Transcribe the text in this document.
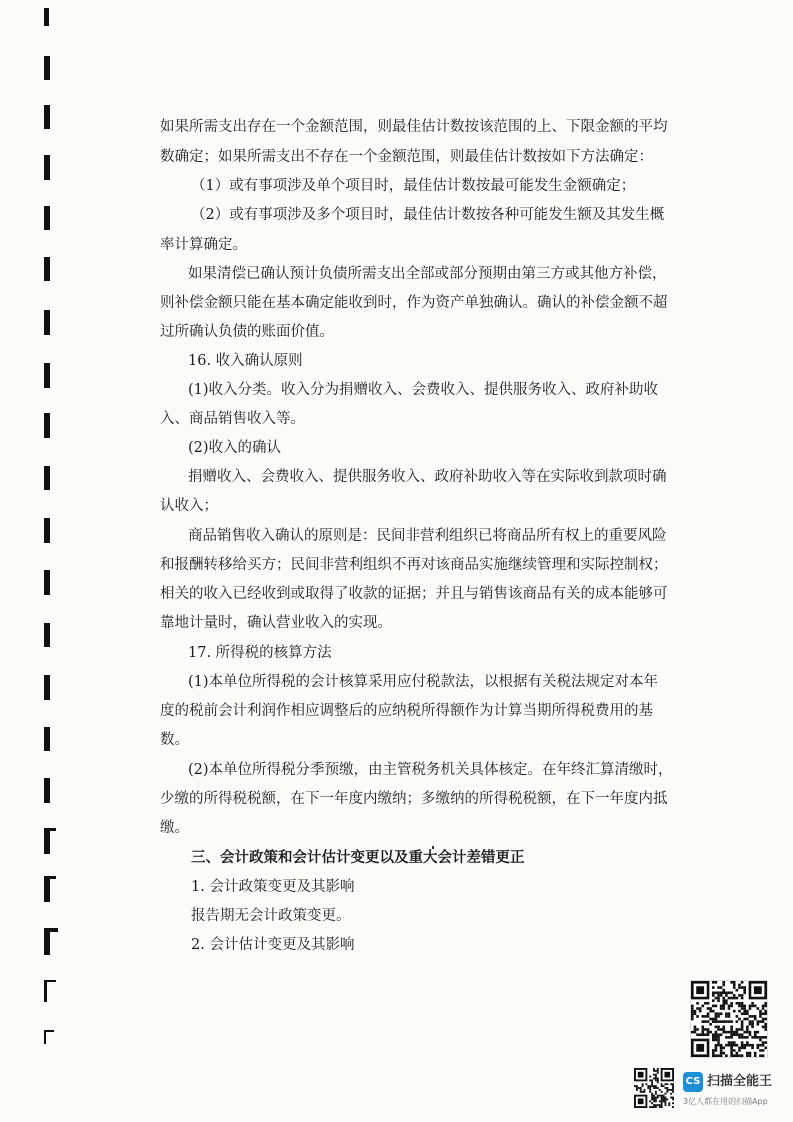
如果所需支出存在一个金额范围，则最佳估计数按该范围的上、下限金额的平均
数确定；如果所需支出不存在一个金额范围，则最佳估计数按如下方法确定：
（1）或有事项涉及单个项目时，最佳估计数按最可能发生金额确定；
（2）或有事项涉及多个项目时，最佳估计数按各种可能发生额及其发生概
率计算确定。
如果清偿已确认预计负债所需支出全部或部分预期由第三方或其他方补偿，
则补偿金额只能在基本确定能收到时，作为资产单独确认。确认的补偿金额不超
过所确认负债的账面价值。
16. 收入确认原则
(1)收入分类。收入分为捐赠收入、会费收入、提供服务收入、政府补助收
入、商品销售收入等。
(2)收入的确认
捐赠收入、会费收入、提供服务收入、政府补助收入等在实际收到款项时确
认收入；
商品销售收入确认的原则是：民间非营利组织已将商品所有权上的重要风险
和报酬转移给买方；民间非营利组织不再对该商品实施继续管理和实际控制权；
相关的收入已经收到或取得了收款的证据；并且与销售该商品有关的成本能够可
靠地计量时，确认营业收入的实现。
17. 所得税的核算方法
(1)本单位所得税的会计核算采用应付税款法，以根据有关税法规定对本年
度的税前会计利润作相应调整后的应纳税所得额作为计算当期所得税费用的基
数。
(2)本单位所得税分季预缴，由主管税务机关具体核定。在年终汇算清缴时，
少缴的所得税税额，在下一年度内缴纳；多缴纳的所得税税额，在下一年度内抵
缴。
三、会计政策和会计估计变更以及重大会计差错更正
1. 会计政策变更及其影响
报告期无会计政策变更。
2. 会计估计变更及其影响
CS 扫描全能王
3亿人都在用的扫描App
